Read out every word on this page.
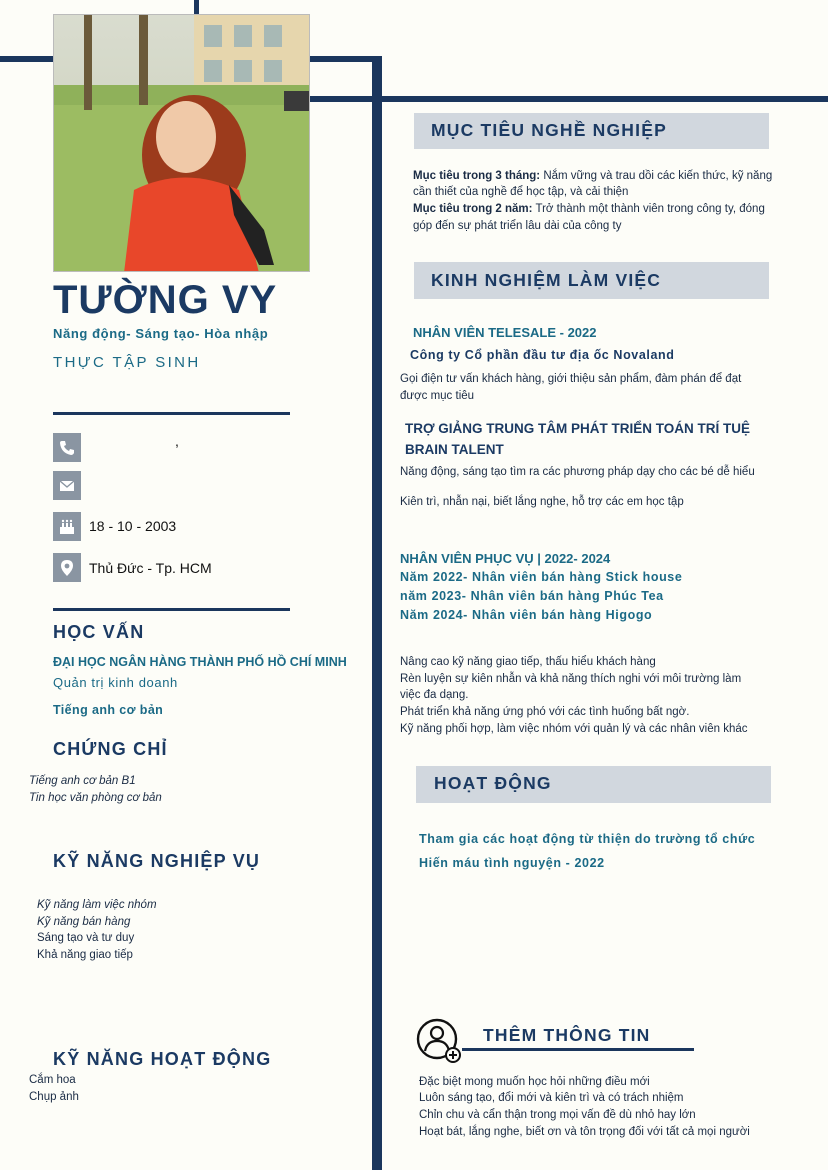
TƯỜNG VY
Năng động- Sáng tạo- Hòa nhập
THỰC TẬP SINH
,
18 - 10 - 2003
Thủ Đức - Tp. HCM
HỌC VẤN
ĐẠI HỌC NGÂN HÀNG THÀNH PHỐ HỒ CHÍ MINH
Quản trị kinh doanh
Tiếng anh cơ bản
CHỨNG CHỈ
Tiếng anh cơ bản B1
Tin học văn phòng cơ bản
KỸ NĂNG NGHIỆP VỤ
Kỹ năng làm việc nhóm
Kỹ năng bán hàng
Sáng tạo và tư duy
Khả năng giao tiếp
KỸ NĂNG HOẠT ĐỘNG
Cắm hoa
Chụp ảnh
MỤC TIÊU NGHỀ NGHIỆP
Mục tiêu trong 3 tháng: Nắm vững và trau dồi các kiến thức, kỹ năng
cần thiết của nghề để học tập, và cải thiện
Mục tiêu trong 2 năm: Trở thành một thành viên trong công ty, đóng
góp đến sự phát triển lâu dài của công ty
KINH NGHIỆM LÀM VIỆC
NHÂN VIÊN TELESALE - 2022
Công ty Cổ phần đầu tư địa ốc Novaland
Gọi điện tư vấn khách hàng, giới thiệu sản phẩm, đàm phán để đạt
được mục tiêu
TRỢ GIẢNG TRUNG TÂM PHÁT TRIỂN TOÁN TRÍ TUỆ
BRAIN TALENT
Năng động, sáng tạo tìm ra các phương pháp dạy cho các bé dễ hiểu
Kiên trì, nhẫn nại, biết lắng nghe, hỗ trợ các em học tập
NHÂN VIÊN PHỤC VỤ | 2022- 2024
Năm 2022- Nhân viên bán hàng Stick house
năm 2023- Nhân viên bán hàng Phúc Tea
Năm 2024- Nhân viên bán hàng Higogo
Nâng cao kỹ năng giao tiếp, thấu hiểu khách hàng
Rèn luyện sự kiên nhẫn và khả năng thích nghi với môi trường làm
việc đa dạng.
Phát triển khả năng ứng phó với các tình huống bất ngờ.
Kỹ năng phối hợp, làm việc nhóm với quản lý và các nhân viên khác
HOẠT ĐỘNG
Tham gia các hoạt động từ thiện do trường tổ chức
Hiến máu tình nguyện - 2022
THÊM THÔNG TIN
Đặc biệt mong muốn học hỏi những điều mới
Luôn sáng tạo, đổi mới và kiên trì và có trách nhiệm
Chỉn chu và cẩn thận trong mọi vấn đề dù nhỏ hay lớn
Hoạt bát, lắng nghe, biết ơn và tôn trọng đối với tất cả mọi người
